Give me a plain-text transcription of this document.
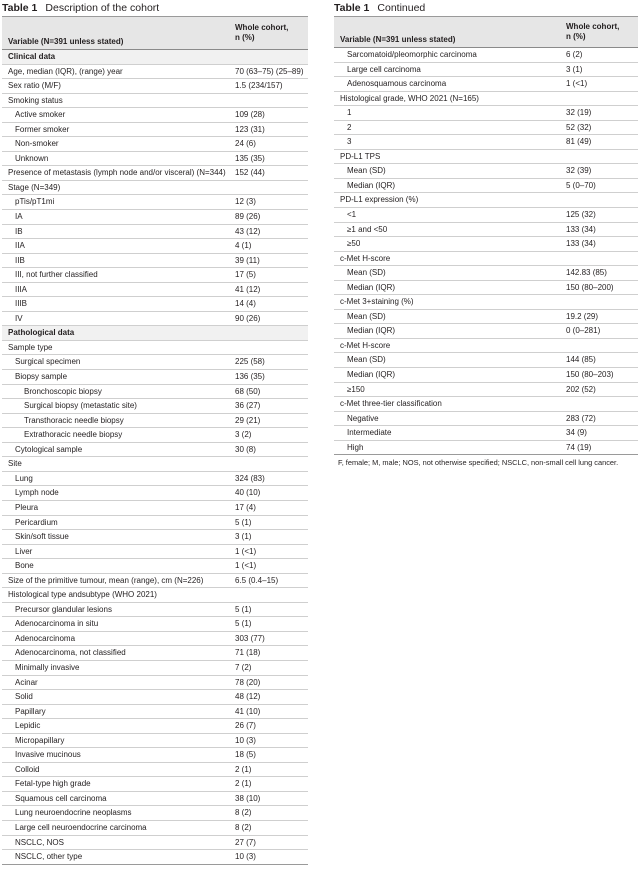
Table 1 Description of the cohort
Variable (N=391 unless stated)
Whole cohort,
n (%)
Clinical data
Age, median (IQR), (range) year	70 (63–75) (25–89)
Sex ratio (M/F)	1.5 (234/157)
Smoking status
Active smoker	109 (28)
Former smoker	123 (31)
Non-smoker	24 (6)
Unknown	135 (35)
Presence of metastasis (lymph node and/or visceral) (N=344) 152 (44)
Stage (N=349)
pTis/pT1mi	12 (3)
IA	89 (26)
IB	43 (12)
IIA	4 (1)
IIB	39 (11)
III, not further classified	17 (5)
IIIA	41 (12)
IIIB	14 (4)
IV	90 (26)
Pathological data
Sample type
Surgical specimen	225 (58)
Biopsy sample	136 (35)
Bronchoscopic biopsy	68 (50)
Surgical biopsy (metastatic site)	36 (27)
Transthoracic needle biopsy	29 (21)
Extrathoracic needle biopsy	3 (2)
Cytological sample	30 (8)
Site
Lung	324 (83)
Lymph node	40 (10)
Pleura	17 (4)
Pericardium	5 (1)
Skin/soft tissue	3 (1)
Liver	1 (<1)
Bone	1 (<1)
Size of the primitive tumour, mean (range), cm (N=226)	6.5 (0.4–15)
Histological type andsubtype (WHO 2021)
Precursor glandular lesions	5 (1)
Adenocarcinoma in situ	5 (1)
Adenocarcinoma	303 (77)
Adenocarcinoma, not classified	71 (18)
Minimally invasive	7 (2)
Acinar	78 (20)
Solid	48 (12)
Papillary	41 (10)
Lepidic	26 (7)
Micropapillary	10 (3)
Invasive mucinous	18 (5)
Colloid	2 (1)
Fetal-type high grade	2 (1)
Squamous cell carcinoma	38 (10)
Lung neuroendocrine neoplasms	8 (2)
Large cell neuroendocrine carcinoma	8 (2)
NSCLC, NOS	27 (7)
NSCLC, other type	10 (3)
Table 1 Continued
Variable (N=391 unless stated)
Whole cohort,
n (%)
Sarcomatoid/pleomorphic carcinoma	6 (2)
Large cell carcinoma	3 (1)
Adenosquamous carcinoma	1 (<1)
Histological grade, WHO 2021 (N=165)
1	32 (19)
2	52 (32)
3	81 (49)
PD-L1 TPS
Mean (SD)	32 (39)
Median (IQR)	5 (0–70)
PD-L1 expression (%)
<1	125 (32)
≥1 and <50	133 (34)
≥50	133 (34)
c-Met H-score
Mean (SD)	142.83 (85)
Median (IQR)	150 (80–200)
c-Met 3+staining (%)
Mean (SD)	19.2 (29)
Median (IQR)	0 (0–281)
c-Met H-score
Mean (SD)	144 (85)
Median (IQR)	150 (80–203)
≥150	202 (52)
c-Met three-tier classification
Negative	283 (72)
Intermediate	34 (9)
High	74 (19)
F, female; M, male; NOS, not otherwise specified; NSCLC, non-small cell lung cancer.
